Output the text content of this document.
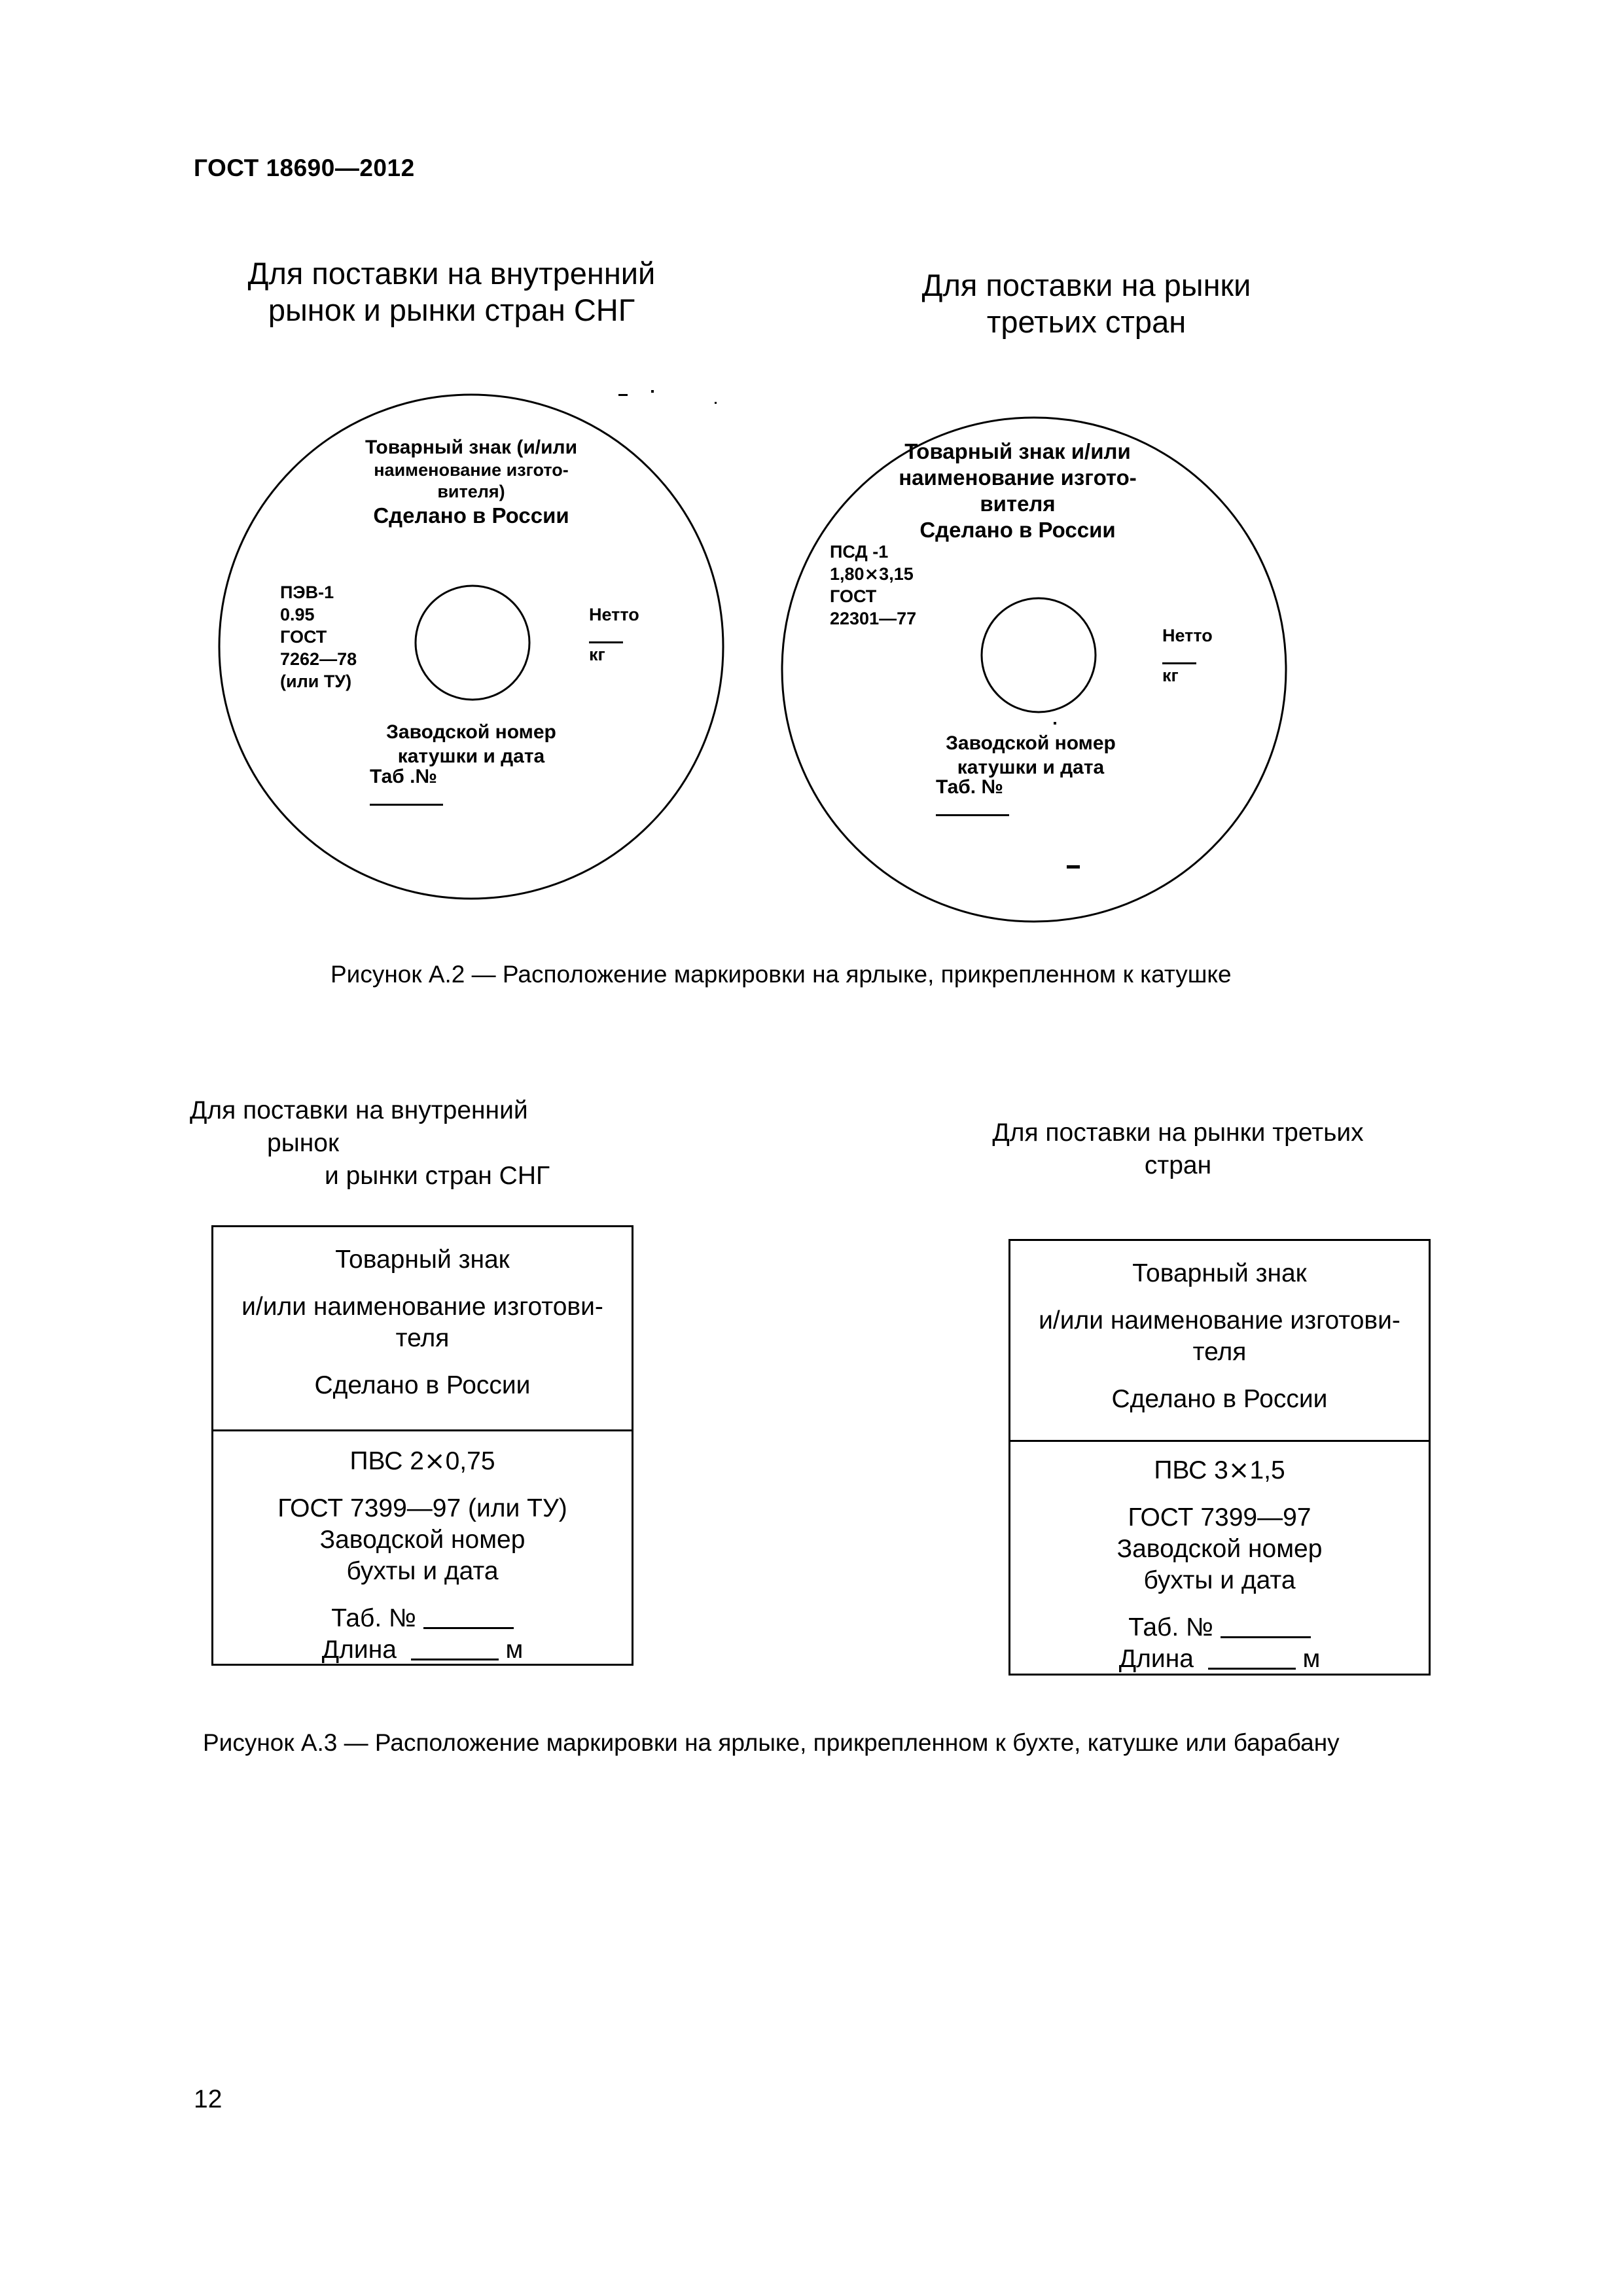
ГОСТ 18690—2012
Для поставки на внутренний
рынок и рынки стран СНГ
Для поставки на рынки
третьих стран
Товарный знак (и/или
наименование изгото-
вителя)
Сделано в России
ПЭВ-1
0.95
ГОСТ
7262—78
(или ТУ)
Нетто
кг
Заводской номер
катушки и дата
Таб .№
Товарный знак и/или
наименование изгото-
вителя
Сделано в России
ПСД -1
1,80⨯3,15
ГОСТ
22301—77
Нетто
кг
Заводской номер
катушки и дата
Таб. №
Рисунок А.2 — Расположение маркировки на ярлыке, прикрепленном к катушке
Для поставки на внутренний
рынок
и рынки стран СНГ
Для поставки на рынки третьих
стран
Товарный знак
и/или наименование изготови-
теля
Сделано в России
ПВС 2⨯0,75
ГОСТ 7399—97 (или ТУ)
Заводской номер
бухты и дата
Таб. №
Длина	м
Товарный знак
и/или наименование изготови-
теля
Сделано в России
ПВС 3⨯1,5
ГОСТ 7399—97
Заводской номер
бухты и дата
Таб. №
Длина	м
Рисунок А.3 — Расположение маркировки на ярлыке, прикрепленном к бухте, катушке или барабану
12
